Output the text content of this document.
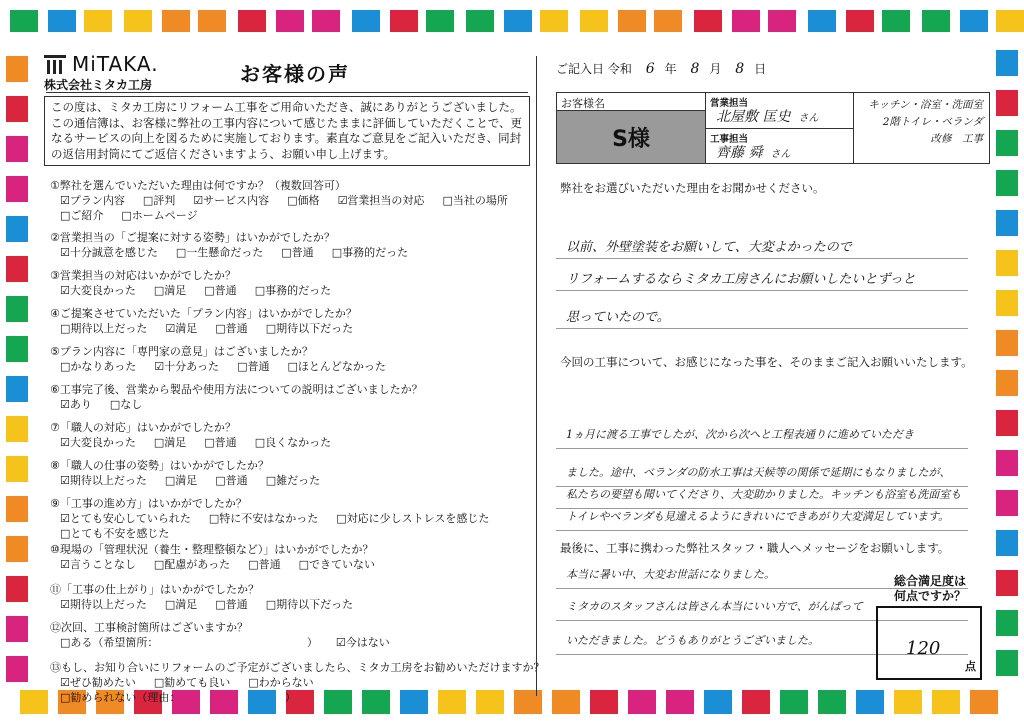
MiTAKA.
株式会社ミタカ工房	お客様の声
この度は、ミタカ工房にリフォーム工事をご用命いただき、誠にありがとうございました。この通信簿は、お客様に弊社の工事内容について感じたままに評価していただくことで、更なるサービスの向上を図るために実施しております。素直なご意見をご記入いただき、同封の返信用封筒にてご返信くださいますよう、お願い申し上げます。
①弊社を選んでいただいた理由は何ですか？（複数回答可）
☑プラン内容 □評判 ☑サービス内容 □価格 ☑営業担当の対応 □当社の場所
□ご紹介 □ホームページ
②営業担当の「ご提案に対する姿勢」はいかがでしたか？
☑十分誠意を感じた □一生懸命だった □普通 □事務的だった
③営業担当の対応はいかがでしたか？
☑大変良かった □満足 □普通 □事務的だった
④ご提案させていただいた「プラン内容」はいかがでしたか？
□期待以上だった ☑満足 □普通 □期待以下だった
⑤プラン内容に「専門家の意見」はございましたか？
□かなりあった ☑十分あった □普通 □ほとんどなかった
⑥工事完了後、営業から製品や使用方法についての説明はございましたか？
☑あり □なし
⑦「職人の対応」はいかがでしたか？
☑大変良かった □満足 □普通 □良くなかった
⑧「職人の仕事の姿勢」はいかがでしたか？
☑期待以上だった □満足 □普通 □雑だった
⑨「工事の進め方」はいかがでしたか？
☑とても安心していられた □特に不安はなかった □対応に少しストレスを感じた
□とても不安を感じた
⑩現場の「管理状況（養生・整理整頓など）」はいかがでしたか？
☑言うことなし □配慮があった □普通 □できていない
⑪「工事の仕上がり」はいかがでしたか？
☑期待以上だった □満足 □普通 □期待以下だった
⑫次回、工事検討箇所はございますか？
□ある（希望箇所：　　　　　　　　　　　　　　） ☑今はない
⑬もし、お知り合いにリフォームのご予定がございましたら、ミタカ工房をお勧めいただけますか？
☑ぜひ勧めたい □勧めても良い □わからない
□勧められない（理由：　　　　　　　　　　）
ご記入日 令和 6 年 8 月 8 日
お客様名
S様
営業担当
北屋敷 匡史 さん
工事担当
齊藤 舜 さん
キッチン・浴室・洗面室
2階トイレ・ベランダ
改修　工事
弊社をお選びいただいた理由をお聞かせください。
以前、外壁塗装をお願いして、大変よかったので
リフォームするならミタカ工房さんにお願いしたいとずっと
思っていたので。
今回の工事について、お感じになった事を、そのままご記入お願いいたします。
1ヵ月に渡る工事でしたが、次から次へと工程表通りに進めていただき
ました。途中、ベランダの防水工事は天候等の関係で延期にもなりましたが、
私たちの要望も聞いてくださり、大変助かりました。キッチンも浴室も洗面室も
トイレやベランダも見違えるようにきれいにできあがり大変満足しています。
最後に、工事に携わった弊社スタッフ・職人へメッセージをお願いします。
本当に暑い中、大変お世話になりました。
ミタカのスタッフさんは皆さん本当にいい方で、がんばって
いただきました。どうもありがとうございました。
総合満足度は
何点ですか？
120
点
